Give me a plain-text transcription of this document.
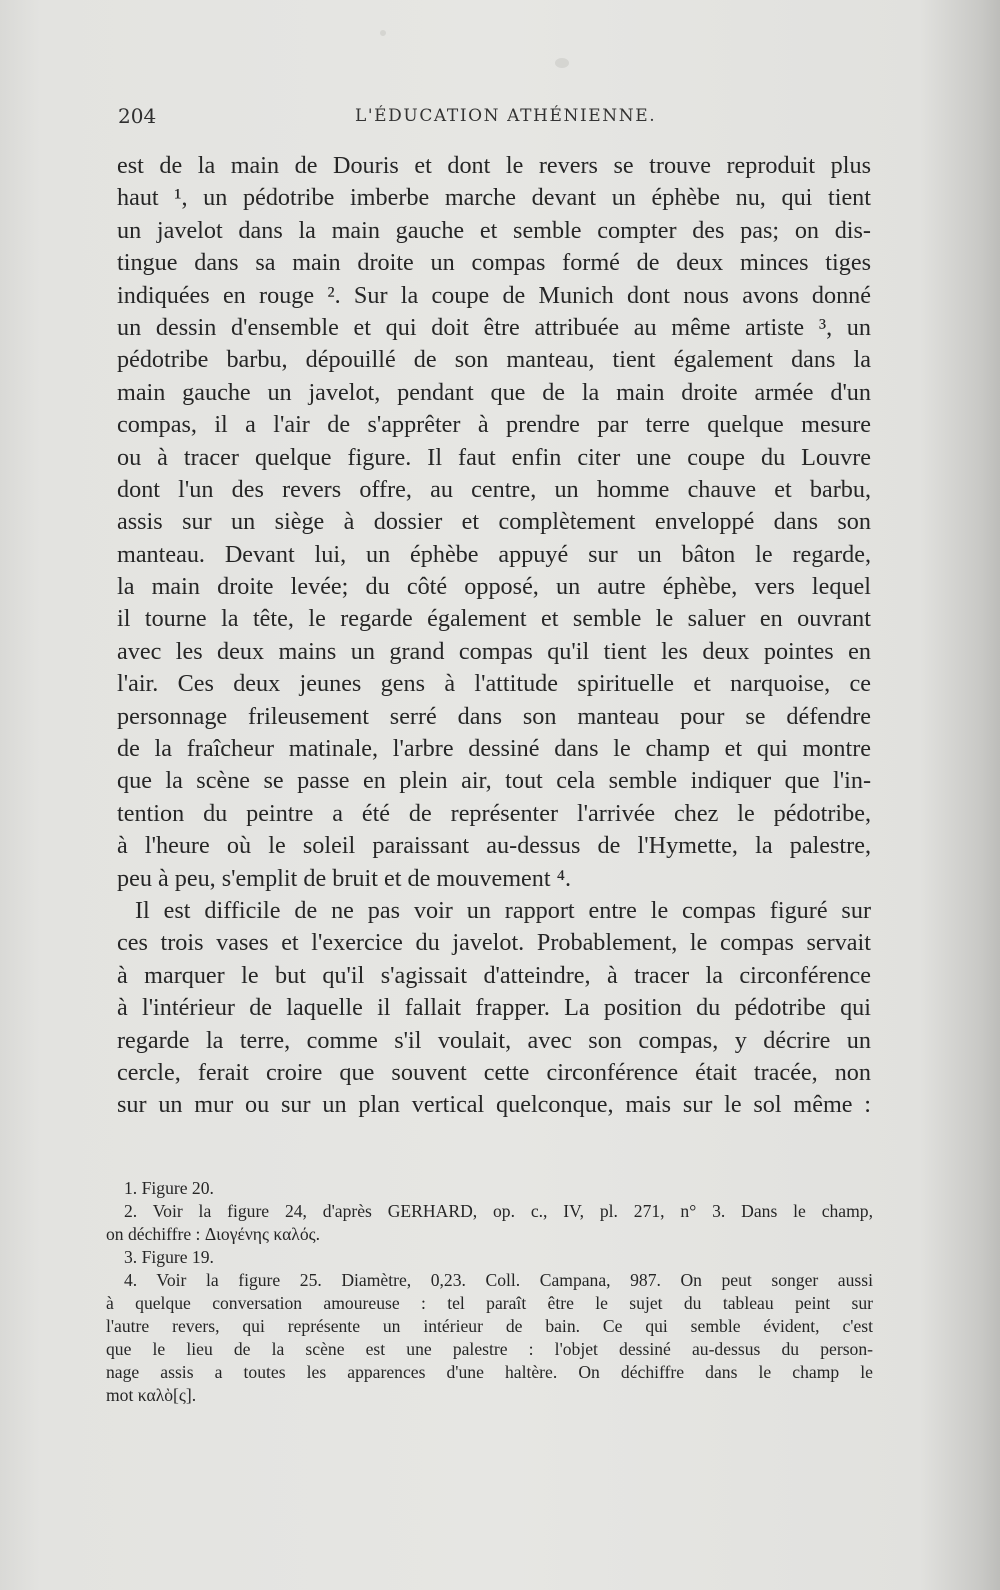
204	L'ÉDUCATION ATHÉNIENNE.
est de la main de Douris et dont le revers se trouve reproduit plus
haut ¹, un pédotribe imberbe marche devant un éphèbe nu, qui tient
un javelot dans la main gauche et semble compter des pas; on dis-
tingue dans sa main droite un compas formé de deux minces tiges
indiquées en rouge ². Sur la coupe de Munich dont nous avons donné
un dessin d'ensemble et qui doit être attribuée au même artiste ³, un
pédotribe barbu, dépouillé de son manteau, tient également dans la
main gauche un javelot, pendant que de la main droite armée d'un
compas, il a l'air de s'apprêter à prendre par terre quelque mesure
ou à tracer quelque figure. Il faut enfin citer une coupe du Louvre
dont l'un des revers offre, au centre, un homme chauve et barbu,
assis sur un siège à dossier et complètement enveloppé dans son
manteau. Devant lui, un éphèbe appuyé sur un bâton le regarde,
la main droite levée; du côté opposé, un autre éphèbe, vers lequel
il tourne la tête, le regarde également et semble le saluer en ouvrant
avec les deux mains un grand compas qu'il tient les deux pointes en
l'air. Ces deux jeunes gens à l'attitude spirituelle et narquoise, ce
personnage frileusement serré dans son manteau pour se défendre
de la fraîcheur matinale, l'arbre dessiné dans le champ et qui montre
que la scène se passe en plein air, tout cela semble indiquer que l'in-
tention du peintre a été de représenter l'arrivée chez le pédotribe,
à l'heure où le soleil paraissant au-dessus de l'Hymette, la palestre,
peu à peu, s'emplit de bruit et de mouvement ⁴.
Il est difficile de ne pas voir un rapport entre le compas figuré sur
ces trois vases et l'exercice du javelot. Probablement, le compas servait
à marquer le but qu'il s'agissait d'atteindre, à tracer la circonférence
à l'intérieur de laquelle il fallait frapper. La position du pédotribe qui
regarde la terre, comme s'il voulait, avec son compas, y décrire un
cercle, ferait croire que souvent cette circonférence était tracée, non
sur un mur ou sur un plan vertical quelconque, mais sur le sol même :
1. Figure 20.
2. Voir la figure 24, d'après GERHARD, op. c., IV, pl. 271, n° 3. Dans le champ,
on déchiffre : Διογένης καλός.
3. Figure 19.
4. Voir la figure 25. Diamètre, 0,23. Coll. Campana, 987. On peut songer aussi
à quelque conversation amoureuse : tel paraît être le sujet du tableau peint sur
l'autre revers, qui représente un intérieur de bain. Ce qui semble évident, c'est
que le lieu de la scène est une palestre : l'objet dessiné au-dessus du person-
nage assis a toutes les apparences d'une haltère. On déchiffre dans le champ le
mot καλὸ[ς].
